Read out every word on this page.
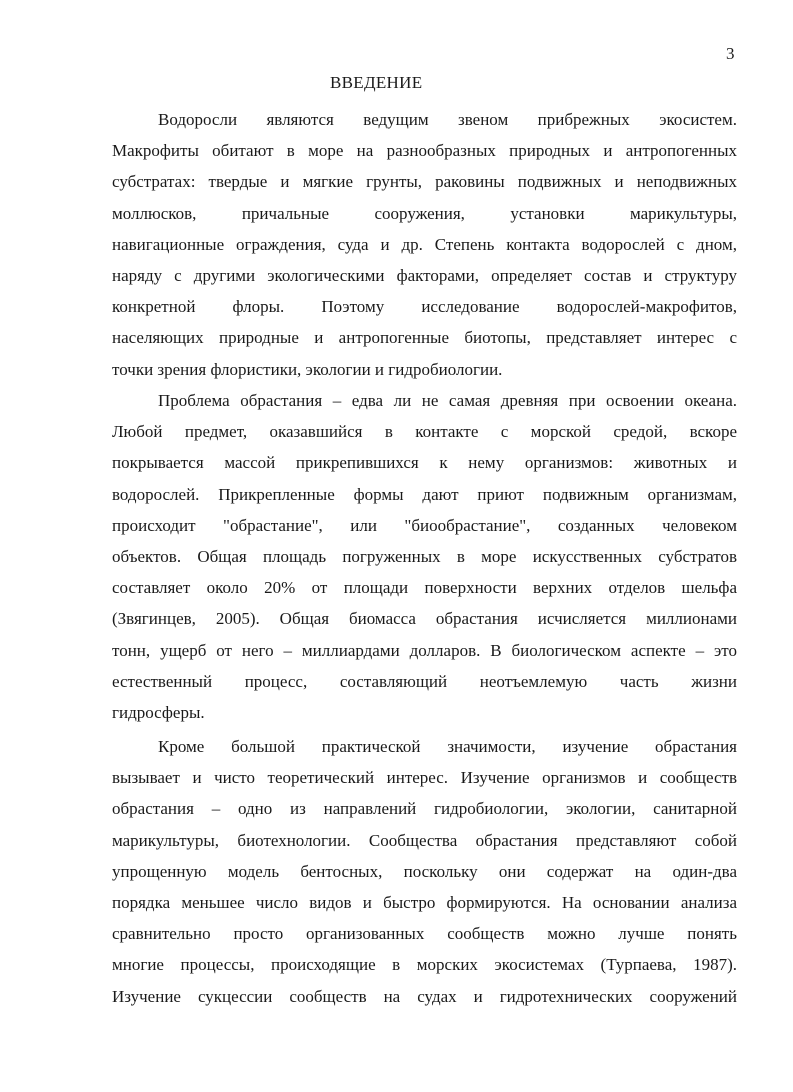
3
ВВЕДЕНИЕ
Водоросли являются ведущим звеном прибрежных экосистем.
Макрофиты обитают в море на разнообразных природных и антропогенных
субстратах: твердые и мягкие грунты, раковины подвижных и неподвижных
моллюсков, причальные сооружения, установки марикультуры,
навигационные ограждения, суда и др. Степень контакта водорослей с дном,
наряду с другими экологическими факторами, определяет состав и структуру
конкретной флоры. Поэтому исследование водорослей-макрофитов,
населяющих природные и антропогенные биотопы, представляет интерес с
точки зрения флористики, экологии и гидробиологии.
Проблема обрастания – едва ли не самая древняя при освоении океана.
Любой предмет, оказавшийся в контакте с морской средой, вскоре
покрывается массой прикрепившихся к нему организмов: животных и
водорослей. Прикрепленные формы дают приют подвижным организмам,
происходит "обрастание", или "биообрастание", созданных человеком
объектов. Общая площадь погруженных в море искусственных субстратов
составляет около 20% от площади поверхности верхних отделов шельфа
(Звягинцев, 2005). Общая биомасса обрастания исчисляется миллионами
тонн, ущерб от него – миллиардами долларов. В биологическом аспекте – это
естественный процесс, составляющий неотъемлемую часть жизни
гидросферы.
Кроме большой практической значимости, изучение обрастания
вызывает и чисто теоретический интерес. Изучение организмов и сообществ
обрастания – одно из направлений гидробиологии, экологии, санитарной
марикультуры, биотехнологии. Сообщества обрастания представляют собой
упрощенную модель бентосных, поскольку они содержат на один-два
порядка меньшее число видов и быстро формируются. На основании анализа
сравнительно просто организованных сообществ можно лучше понять
многие процессы, происходящие в морских экосистемах (Турпаева, 1987).
Изучение сукцессии сообществ на судах и гидротехнических сооружений
